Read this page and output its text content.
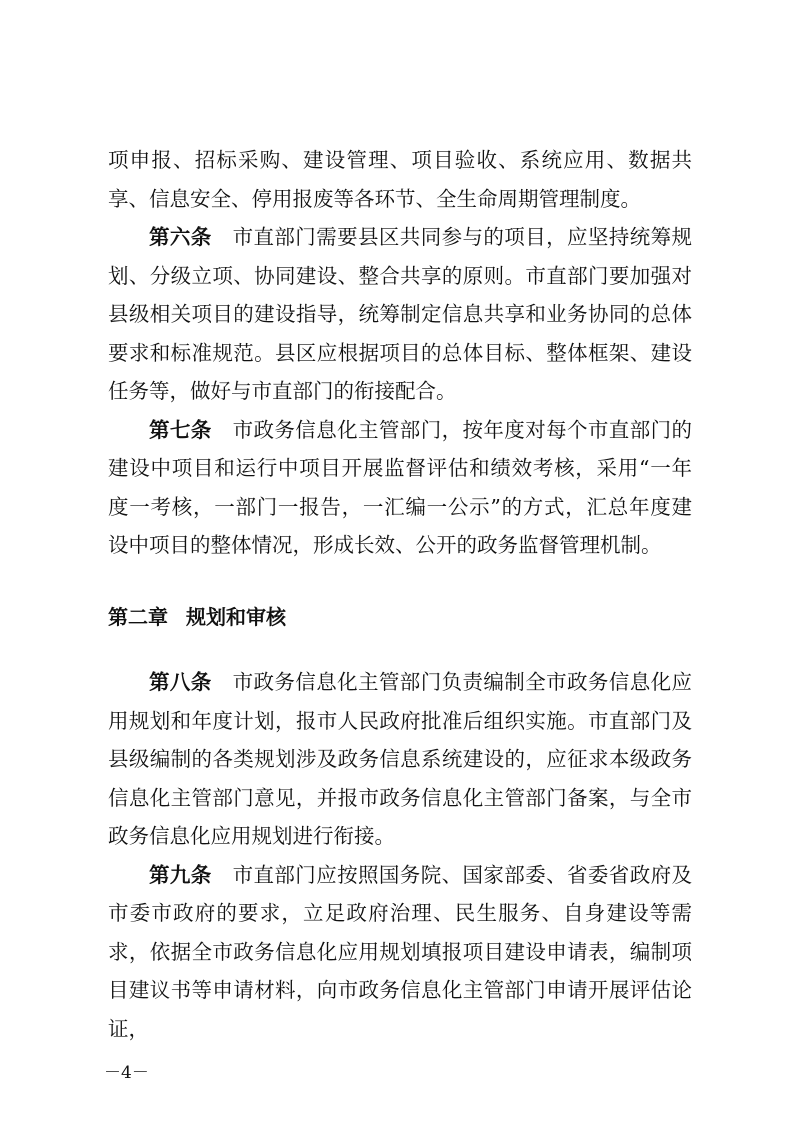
项申报、招标采购、建设管理、项目验收、系统应用、数据共享、信息安全、停用报废等各环节、全生命周期管理制度。

第六条　 市直部门需要县区共同参与的项目，应坚持统筹规划、分级立项、协同建设、整合共享的原则。市直部门要加强对县级相关项目的建设指导，统筹制定信息共享和业务协同的总体要求和标准规范。县区应根据项目的总体目标、整体框架、建设任务等，做好与市直部门的衔接配合。

第七条　 市政务信息化主管部门，按年度对每个市直部门的建设中项目和运行中项目开展监督评估和绩效考核，采用“一年度一考核，一部门一报告，一汇编一公示”的方式，汇总年度建设中项目的整体情况，形成长效、公开的政务监督管理机制。

第二章 规划和审核

第八条　 市政务信息化主管部门负责编制全市政务信息化应用规划和年度计划，报市人民政府批准后组织实施。市直部门及县级编制的各类规划涉及政务信息系统建设的，应征求本级政务信息化主管部门意见，并报市政务信息化主管部门备案，与全市政务信息化应用规划进行衔接。

第九条　 市直部门应按照国务院、国家部委、省委省政府及市委市政府的要求，立足政府治理、民生服务、自身建设等需求，依据全市政务信息化应用规划填报项目建设申请表，编制项目建议书等申请材料，向市政务信息化主管部门申请开展评估论证，

－4－
